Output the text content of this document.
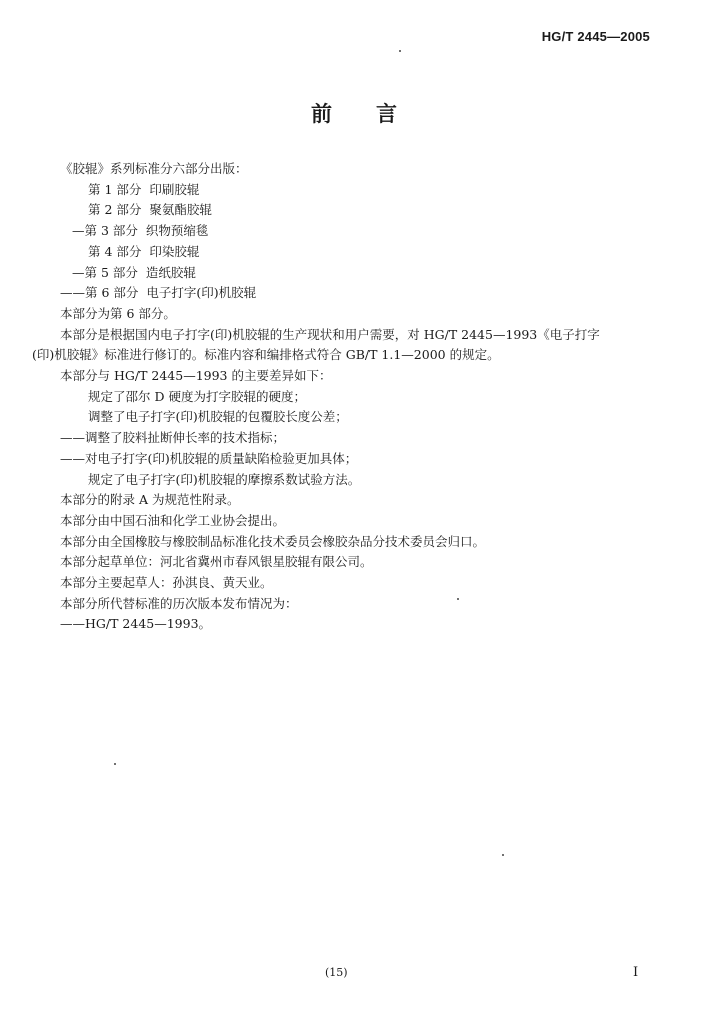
HG/T 2445—2005
前言
《胶辊》系列标准分六部分出版：
第 1 部分  印刷胶辊
第 2 部分  聚氨酯胶辊
—第 3 部分  织物预缩毯
第 4 部分  印染胶辊
—第 5 部分  造纸胶辊
——第 6 部分  电子打字(印)机胶辊
本部分为第 6 部分。
本部分是根据国内电子打字(印)机胶辊的生产现状和用户需要，对 HG/T 2445—1993《电子打字
(印)机胶辊》标准进行修订的。标准内容和编排格式符合 GB/T 1.1—2000 的规定。
本部分与 HG/T 2445—1993 的主要差异如下：
规定了邵尔 D 硬度为打字胶辊的硬度；
调整了电子打字(印)机胶辊的包覆胶长度公差；
——调整了胶料扯断伸长率的技术指标；
——对电子打字(印)机胶辊的质量缺陷检验更加具体；
规定了电子打字(印)机胶辊的摩擦系数试验方法。
本部分的附录 A 为规范性附录。
本部分由中国石油和化学工业协会提出。
本部分由全国橡胶与橡胶制品标准化技术委员会橡胶杂品分技术委员会归口。
本部分起草单位：河北省冀州市春风银星胶辊有限公司。
本部分主要起草人：孙淇良、黄天业。
本部分所代替标准的历次版本发布情况为：
——HG/T 2445—1993。
(15)	I
